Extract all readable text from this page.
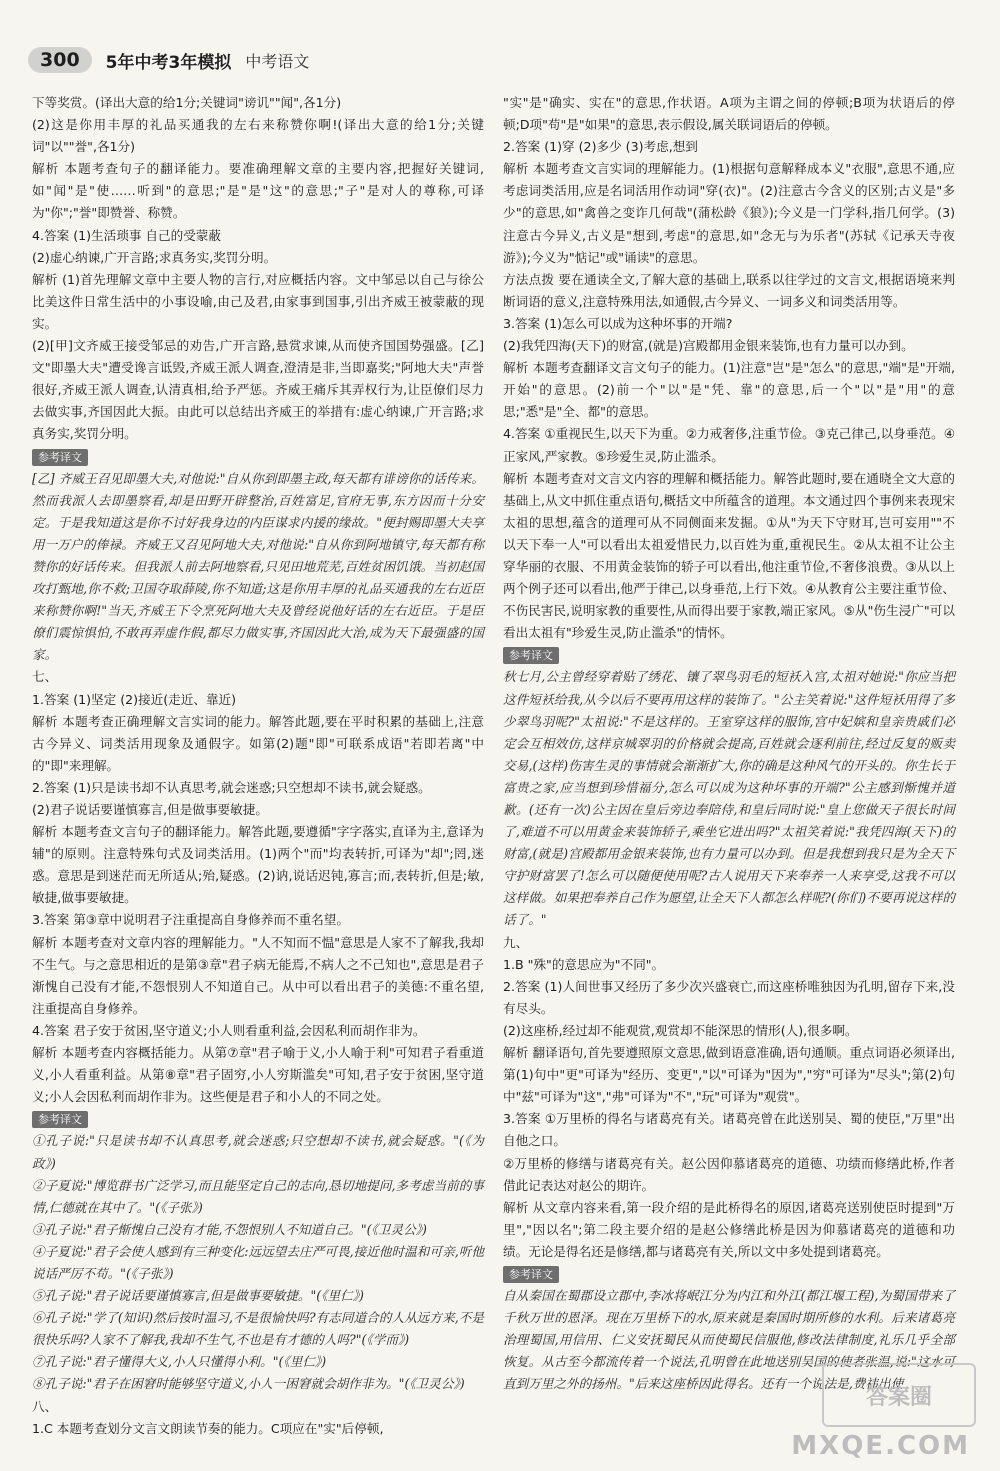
300	5年中考3年模拟 中考语文

下等奖赏。(译出大意的给1分;关键词"谤讥""闻",各1分)

(2)这是你用丰厚的礼品买通我的左右来称赞你啊!(译出大意的给1分;关键词"以""誉",各1分)

解析 本题考查句子的翻译能力。要准确理解文章的主要内容,把握好关键词,如"闻"是"使……听到"的意思;"是"是"这"的意思;"子"是对人的尊称,可译为"你";"誉"即赞誉、称赞。

4.答案 (1)生活琐事 自己的受蒙蔽

(2)虚心纳谏,广开言路;求真务实,奖罚分明。

解析 (1)首先理解文章中主要人物的言行,对应概括内容。文中邹忌以自己与徐公比美这件日常生活中的小事设喻,由己及君,由家事到国事,引出齐威王被蒙蔽的现实。

(2)[甲]文齐威王接受邹忌的劝告,广开言路,悬赏求谏,从而使齐国国势强盛。[乙]文"即墨大夫"遭受谗言诋毁,齐威王派人调查,澄清是非,当即嘉奖;"阿地大夫"声誉很好,齐威王派人调查,认清真相,给予严惩。齐威王痛斥其弄权行为,让臣僚们尽力去做实事,齐国因此大振。由此可以总结出齐威王的举措有:虚心纳谏,广开言路;求真务实,奖罚分明。

参考译文

[乙] 齐威王召见即墨大夫,对他说:"自从你到即墨主政,每天都有诽谤你的话传来。然而我派人去即墨察看,却是田野开辟整治,百姓富足,官府无事,东方因而十分安定。于是我知道这是你不讨好我身边的内臣谋求内援的缘故。"便封赐即墨大夫享用一万户的俸禄。齐威王又召见阿地大夫,对他说:"自从你到阿地镇守,每天都有称赞你的好话传来。但我派人前去阿地察看,只见田地荒芜,百姓贫困饥饿。当初赵国攻打甄地,你不救;卫国夺取薛陵,你不知道;这是你用丰厚的礼品买通我的左右近臣来称赞你啊!"当天,齐威王下令烹死阿地大夫及曾经说他好话的左右近臣。于是臣僚们震惊惧怕,不敢再弄虚作假,都尽力做实事,齐国因此大治,成为天下最强盛的国家。

七、

1.答案 (1)坚定 (2)接近(走近、靠近)

解析 本题考查正确理解文言实词的能力。解答此题,要在平时积累的基础上,注意古今异义、词类活用现象及通假字。如第(2)题"即"可联系成语"若即若离"中的"即"来理解。

2.答案 (1)只是读书却不认真思考,就会迷惑;只空想却不读书,就会疑惑。

(2)君子说话要谨慎寡言,但是做事要敏捷。

解析 本题考查文言句子的翻译能力。解答此题,要遵循"字字落实,直译为主,意译为辅"的原则。注意特殊句式及词类活用。(1)两个"而"均表转折,可译为"却";罔,迷惑。意思是到迷茫而无所适从;殆,疑惑。(2)讷,说话迟钝,寡言;而,表转折,但是;敏,敏捷,做事要敏捷。

3.答案 第③章中说明君子注重提高自身修养而不重名望。

解析 本题考查对文章内容的理解能力。"人不知而不愠"意思是人家不了解我,我却不生气。与之意思相近的是第③章"君子病无能焉,不病人之不己知也",意思是君子渐愧自己没有才能,不怨恨别人不知道自己。从中可以看出君子的美德:不重名望,注重提高自身修养。

4.答案 君子安于贫困,坚守道义;小人则看重利益,会因私利而胡作非为。

解析 本题考查内容概括能力。从第⑦章"君子喻于义,小人喻于利"可知君子看重道义,小人看重利益。从第⑧章"君子固穷,小人穷斯滥矣"可知,君子安于贫困,坚守道义;小人会因私利而胡作非为。这些便是君子和小人的不同之处。

参考译文

①孔子说:"只是读书却不认真思考,就会迷惑;只空想却不读书,就会疑惑。"(《为政》)

②子夏说:"博览群书广泛学习,而且能坚定自己的志向,恳切地提问,多考虑当前的事情,仁德就在其中了。"(《子张》)

③孔子说:"君子惭愧自己没有才能,不怨恨别人不知道自己。"(《卫灵公》)

④子夏说:"君子会使人感到有三种变化:远远望去庄严可畏,接近他时温和可亲,听他说话严厉不苟。"(《子张》)

⑤孔子说:"君子说话要谨慎寡言,但是做事要敏捷。"(《里仁》)

⑥孔子说:"学了(知识)然后按时温习,不是很愉快吗?有志同道合的人从远方来,不是很快乐吗?人家不了解我,我却不生气,不也是有才德的人吗?"(《学而》)

⑦孔子说:"君子懂得大义,小人只懂得小利。"(《里仁》)

⑧孔子说:"君子在困窘时能够坚守道义,小人一困窘就会胡作非为。"(《卫灵公》)

八、

1.C 本题考查划分文言文朗读节奏的能力。C项应在"实"后停顿,

"实"是"确实、实在"的意思,作状语。A项为主谓之间的停顿;B项为状语后的停顿;D项"苟"是"如果"的意思,表示假设,属关联词语后的停顿。

2.答案 (1)穿 (2)多少 (3)考虑,想到

解析 本题考查文言实词的理解能力。(1)根据句意解释成本义"衣服",意思不通,应考虑词类活用,应是名词活用作动词"穿(衣)"。(2)注意古今含义的区别;古义是"多少"的意思,如"禽兽之变诈几何哉"(蒲松龄《狼》);今义是一门学科,指几何学。(3)注意古今异义,古义是"想到,考虑"的意思,如"念无与为乐者"(苏轼《记承天寺夜游》);今义为"惦记"或"诵读"的意思。

方法点拨 要在通读全文,了解大意的基础上,联系以往学过的文言文,根据语境来判断词语的意义,注意特殊用法,如通假,古今异义、一词多义和词类活用等。

3.答案 (1)怎么可以成为这种坏事的开端?

(2)我凭四海(天下)的财富,(就是)宫殿都用金银来装饰,也有力量可以办到。

解析 本题考查翻译文言文句子的能力。(1)注意"岂"是"怎么"的意思,"端"是"开端,开始"的意思。(2)前一个"以"是"凭、靠"的意思,后一个"以"是"用"的意思;"悉"是"全、都"的意思。

4.答案 ①重视民生,以天下为重。②力戒奢侈,注重节俭。③克己律己,以身垂范。④正家风,严家教。⑤珍爱生灵,防止滥杀。

解析 本题考查对文言文内容的理解和概括能力。解答此题时,要在通晓全文大意的基础上,从文中抓住重点语句,概括文中所蕴含的道理。本文通过四个事例来表现宋太祖的思想,蕴含的道理可从不同侧面来发掘。①从"为天下守财耳,岂可妄用""不以天下奉一人"可以看出太祖爱惜民力,以百姓为重,重视民生。②从太祖不让公主穿华丽的衣服、不用黄金装饰的轿子可以看出,他注重节俭,不奢侈浪费。③从以上两个例子还可以看出,他严于律己,以身垂范,上行下效。④从教育公主要注重节俭、不伤民害民,说明家教的重要性,从而得出要于家教,端正家风。⑤从"伤生浸广"可以看出太祖有"珍爱生灵,防止滥杀"的情怀。

参考译文

秋七月,公主曾经穿着贴了绣花、镶了翠鸟羽毛的短袄入宫,太祖对她说:"你应当把这件短袄给我,从今以后不要再用这样的装饰了。"公主笑着说:"这件短袄用得了多少翠鸟羽呢?"太祖说:"不是这样的。王室穿这样的服饰,宫中妃嫔和皇亲贵戚们必定会互相效仿,这样京城翠羽的价格就会提高,百姓就会逐利前往,经过反复的贩卖交易,(这样)伤害生灵的事情就会渐渐扩大,你的确是这种风气的开头的。你生长于富贵之家,应当想到珍惜福分,怎么可以成为这种坏事的开端?"公主感到惭愧并道歉。(还有一次)公主因在皇后旁边奉陪侍,和皇后同时说:"皇上您做天子很长时间了,难道不可以用黄金来装饰轿子,乘坐它进出吗?"太祖笑着说:"我凭四海(天下)的财富,(就是)宫殿都用金银来装饰,也有力量可以办到。但是我想到我只是为全天下守护财富罢了!怎么可以随便使用呢?古人说用天下来奉养一人来享受,这我不可以这样做。如果把奉养自己作为愿望,让全天下人都怎么样呢?(你们)不要再说这样的话了。"

九、

1.B "殊"的意思应为"不同"。

2.答案 (1)人间世事又经历了多少次兴盛衰亡,而这座桥唯独因为孔明,留存下来,没有尽头。

(2)这座桥,经过却不能观赏,观赏却不能深思的情形(人),很多啊。

解析 翻译语句,首先要遵照原文意思,做到语意准确,语句通顺。重点词语必须译出,第(1)句中"更"可译为"经历、变更","以"可译为"因为","穷"可译为"尽头";第(2)句中"兹"可译为"这","弗"可译为"不","玩"可译为"观赏"。

3.答案 ①万里桥的得名与诸葛亮有关。诸葛亮曾在此送别吴、蜀的使臣,"万里"出自他之口。

②万里桥的修缮与诸葛亮有关。赵公因仰慕诸葛亮的道德、功绩而修缮此桥,作者借此记表达对赵公的期许。

解析 从文章内容来看,第一段介绍的是此桥得名的原因,诸葛亮送别使臣时提到"万里","因以名";第二段主要介绍的是赵公修缮此桥是因为仰慕诸葛亮的道德和功绩。无论是得名还是修缮,都与诸葛亮有关,所以文中多处提到诸葛亮。

参考译文

自从秦国在蜀郡设立郡中,李冰将岷江分为内江和外江(都江堰工程),为蜀国带来了千秋万世的恩泽。现在万里桥下的水,原来就是秦国时期所修的水利。后来诸葛亮治理蜀国,用信用、仁义安抚蜀民从而使蜀民信服他,修改法律制度,礼乐几乎全部恢复。从古至今都流传着一个说法,孔明曾在此地送别吴国的使者张温,说:"这水可直到万里之外的扬州。"后来这座桥因此得名。还有一个说法是,费祎出使

答案圈
MXQE.COM
